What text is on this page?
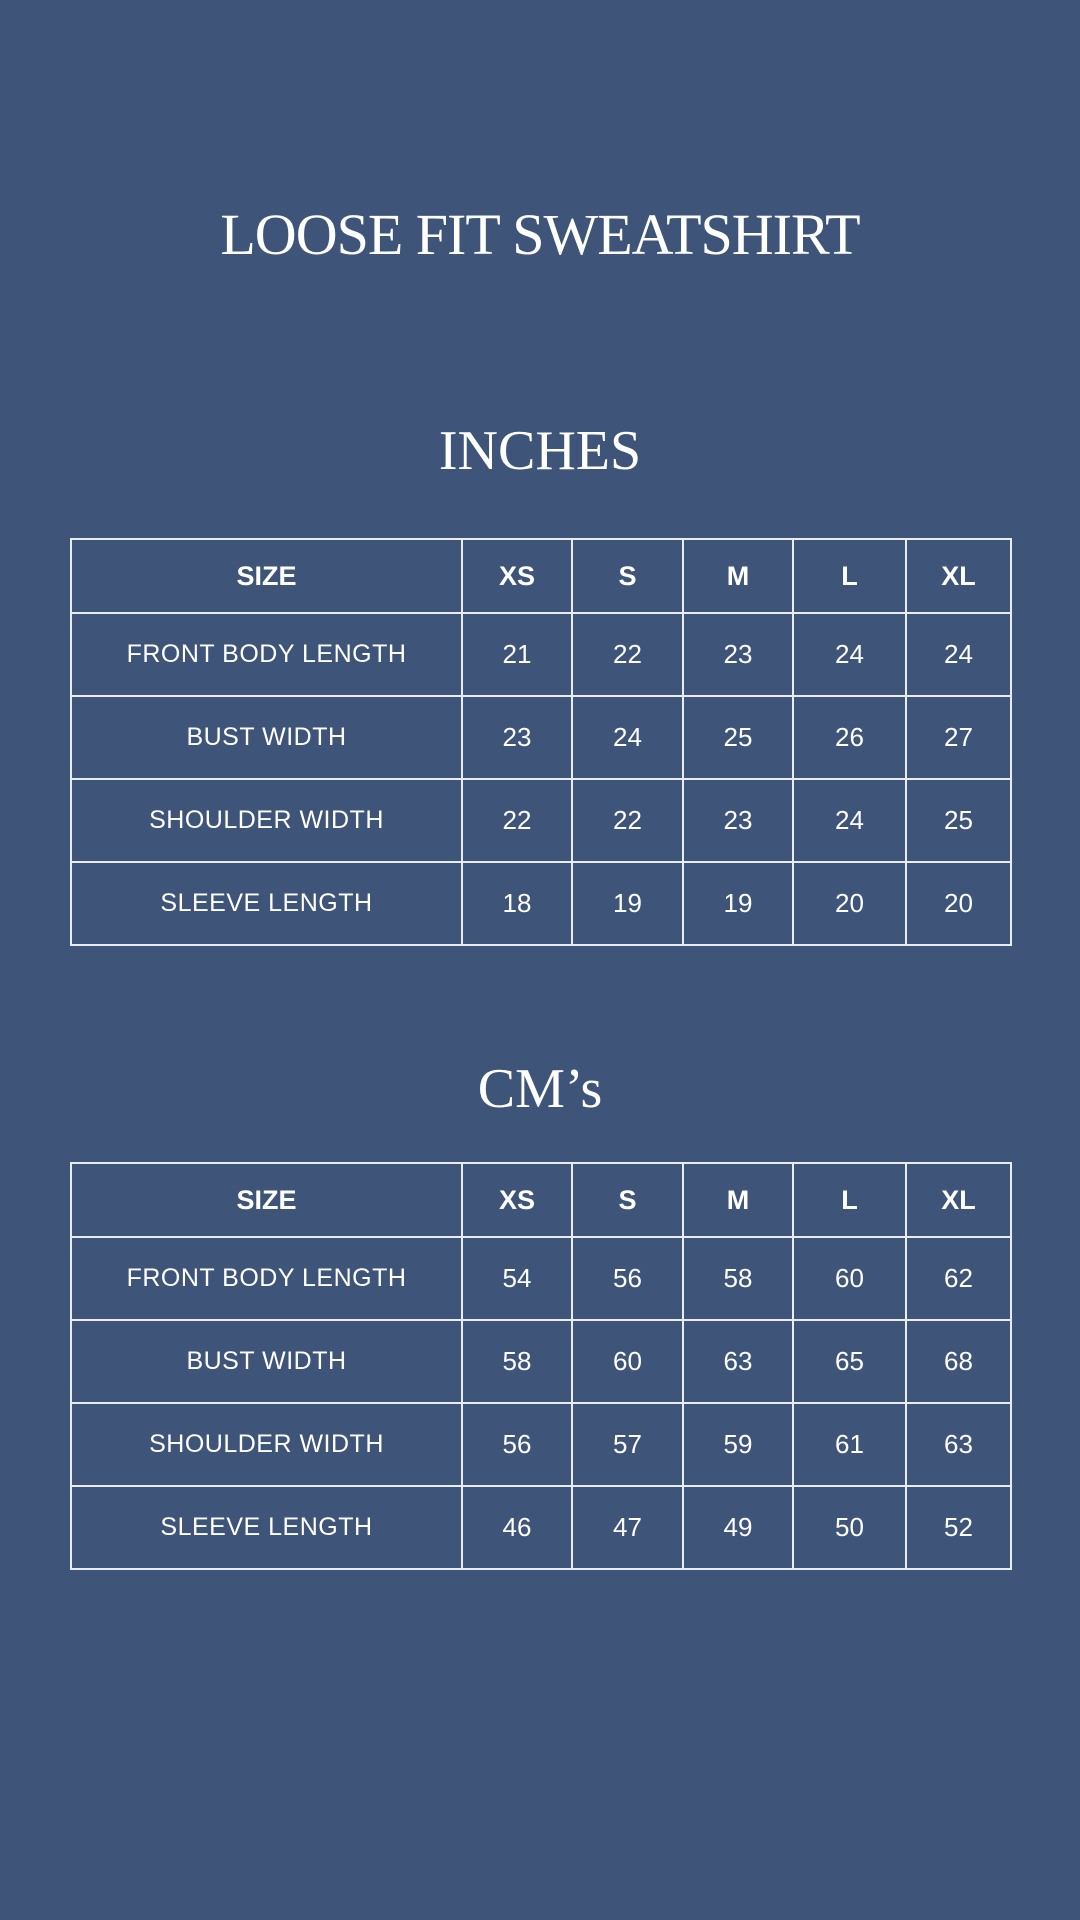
LOOSE FIT SWEATSHIRT
INCHES
SIZE	XS	S	M	L	XL
FRONT BODY LENGTH	21	22	23	24	24
BUST WIDTH	23	24	25	26	27
SHOULDER WIDTH	22	22	23	24	25
SLEEVE LENGTH	18	19	19	20	20
CM’s
SIZE	XS	S	M	L	XL
FRONT BODY LENGTH	54	56	58	60	62
BUST WIDTH	58	60	63	65	68
SHOULDER WIDTH	56	57	59	61	63
SLEEVE LENGTH	46	47	49	50	52
